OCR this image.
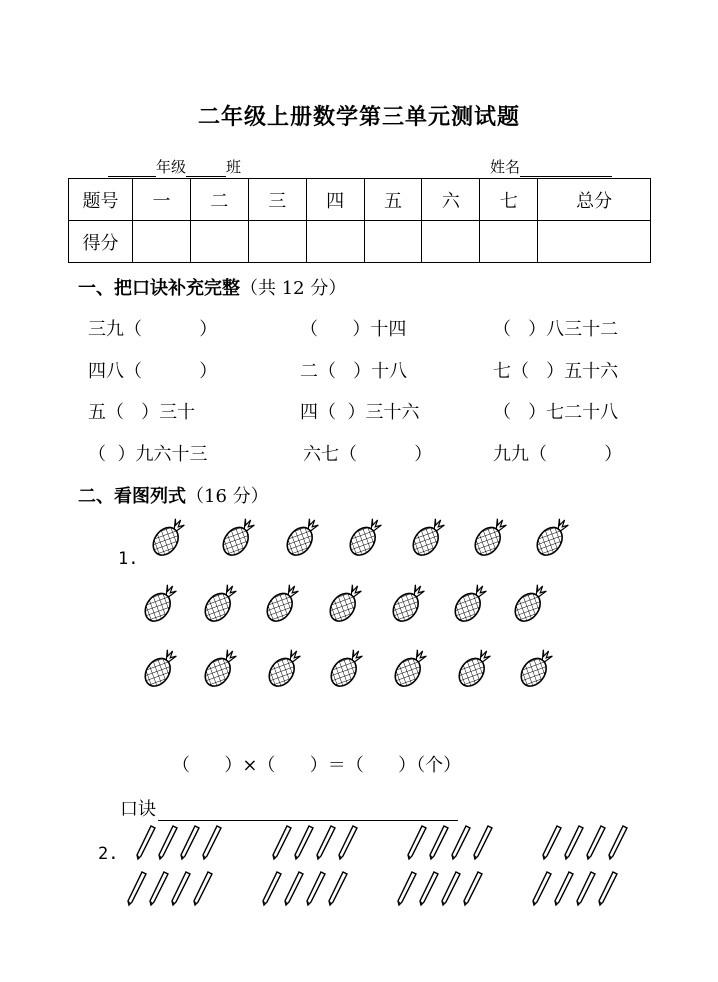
二年级上册数学第三单元测试题
年级	班	姓名
题号	一	二	三	四	五	六	七	总分
得分								
一、把口诀补充完整（共 12 分）
三九（          ）	（      ）十四	（   ）八三十二
四八（          ）	二（   ）十八	七（   ）五十六
五（   ）三十	四（  ）三十六	（   ）七二十八
（  ）九六十三	六七（          ）	九九（          ）
二、看图列式（16 分）
1.
（      ）×（      ）＝（      ）（个）
口诀
2.
